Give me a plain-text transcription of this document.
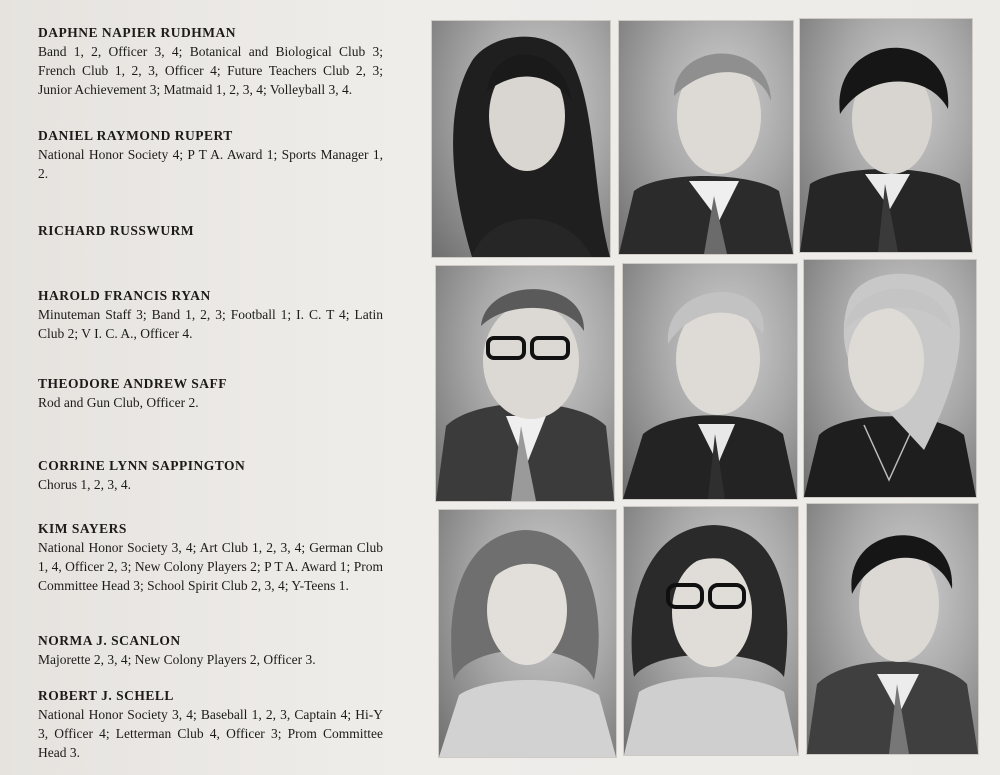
DAPHNE NAPIER RUDHMAN
Band 1, 2, Officer 3, 4; Botanical and Biological Club 3; French Club 1, 2, 3, Officer 4; Future Teachers Club 2, 3; Junior Achievement 3; Matmaid 1, 2, 3, 4; Volleyball 3, 4.
DANIEL RAYMOND RUPERT
National Honor Society 4; P T A. Award 1; Sports Manager 1, 2.
RICHARD RUSSWURM
HAROLD FRANCIS RYAN
Minuteman Staff 3; Band 1, 2, 3; Football 1; I. C. T 4; Latin Club 2; V I. C. A., Officer 4.
THEODORE ANDREW SAFF
Rod and Gun Club, Officer 2.
CORRINE LYNN SAPPINGTON
Chorus 1, 2, 3, 4.
KIM SAYERS
National Honor Society 3, 4; Art Club 1, 2, 3, 4; German Club 1, 4, Officer 2, 3; New Colony Players 2; P T A. Award 1; Prom Committee Head 3; School Spirit Club 2, 3, 4; Y-Teens 1.
NORMA J. SCANLON
Majorette 2, 3, 4; New Colony Players 2, Officer 3.
ROBERT J. SCHELL
National Honor Society 3, 4; Baseball 1, 2, 3, Captain 4; Hi-Y 3, Officer 4; Letterman Club 4, Officer 3; Prom Committee Head 3.
